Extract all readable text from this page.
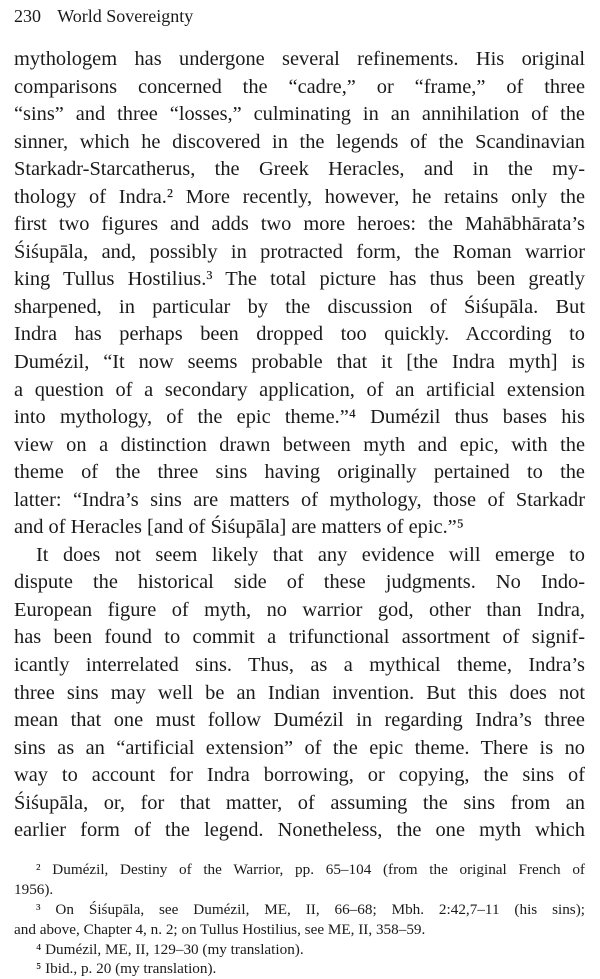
230 World Sovereignty
mythologem has undergone several refinements. His original
comparisons concerned the “cadre,” or “frame,” of three
“sins” and three “losses,” culminating in an annihilation of the
sinner, which he discovered in the legends of the Scandinavian
Starkadr-Starcatherus, the Greek Heracles, and in the my-
thology of Indra.² More recently, however, he retains only the
first two figures and adds two more heroes: the Mahābhārata’s
Śiśupāla, and, possibly in protracted form, the Roman warrior
king Tullus Hostilius.³ The total picture has thus been greatly
sharpened, in particular by the discussion of Śiśupāla. But
Indra has perhaps been dropped too quickly. According to
Dumézil, “It now seems probable that it [the Indra myth] is
a question of a secondary application, of an artificial extension
into mythology, of the epic theme.”⁴ Dumézil thus bases his
view on a distinction drawn between myth and epic, with the
theme of the three sins having originally pertained to the
latter: “Indra’s sins are matters of mythology, those of Starkadr
and of Heracles [and of Śiśupāla] are matters of epic.”⁵
It does not seem likely that any evidence will emerge to
dispute the historical side of these judgments. No Indo-
European figure of myth, no warrior god, other than Indra,
has been found to commit a trifunctional assortment of signif-
icantly interrelated sins. Thus, as a mythical theme, Indra’s
three sins may well be an Indian invention. But this does not
mean that one must follow Dumézil in regarding Indra’s three
sins as an “artificial extension” of the epic theme. There is no
way to account for Indra borrowing, or copying, the sins of
Śiśupāla, or, for that matter, of assuming the sins from an
earlier form of the legend. Nonetheless, the one myth which
² Dumézil, Destiny of the Warrior, pp. 65–104 (from the original French of
1956).
³ On Śiśupāla, see Dumézil, ME, II, 66–68; Mbh. 2:42,7–11 (his sins);
and above, Chapter 4, n. 2; on Tullus Hostilius, see ME, II, 358–59.
⁴ Dumézil, ME, II, 129–30 (my translation).
⁵ Ibid., p. 20 (my translation).
